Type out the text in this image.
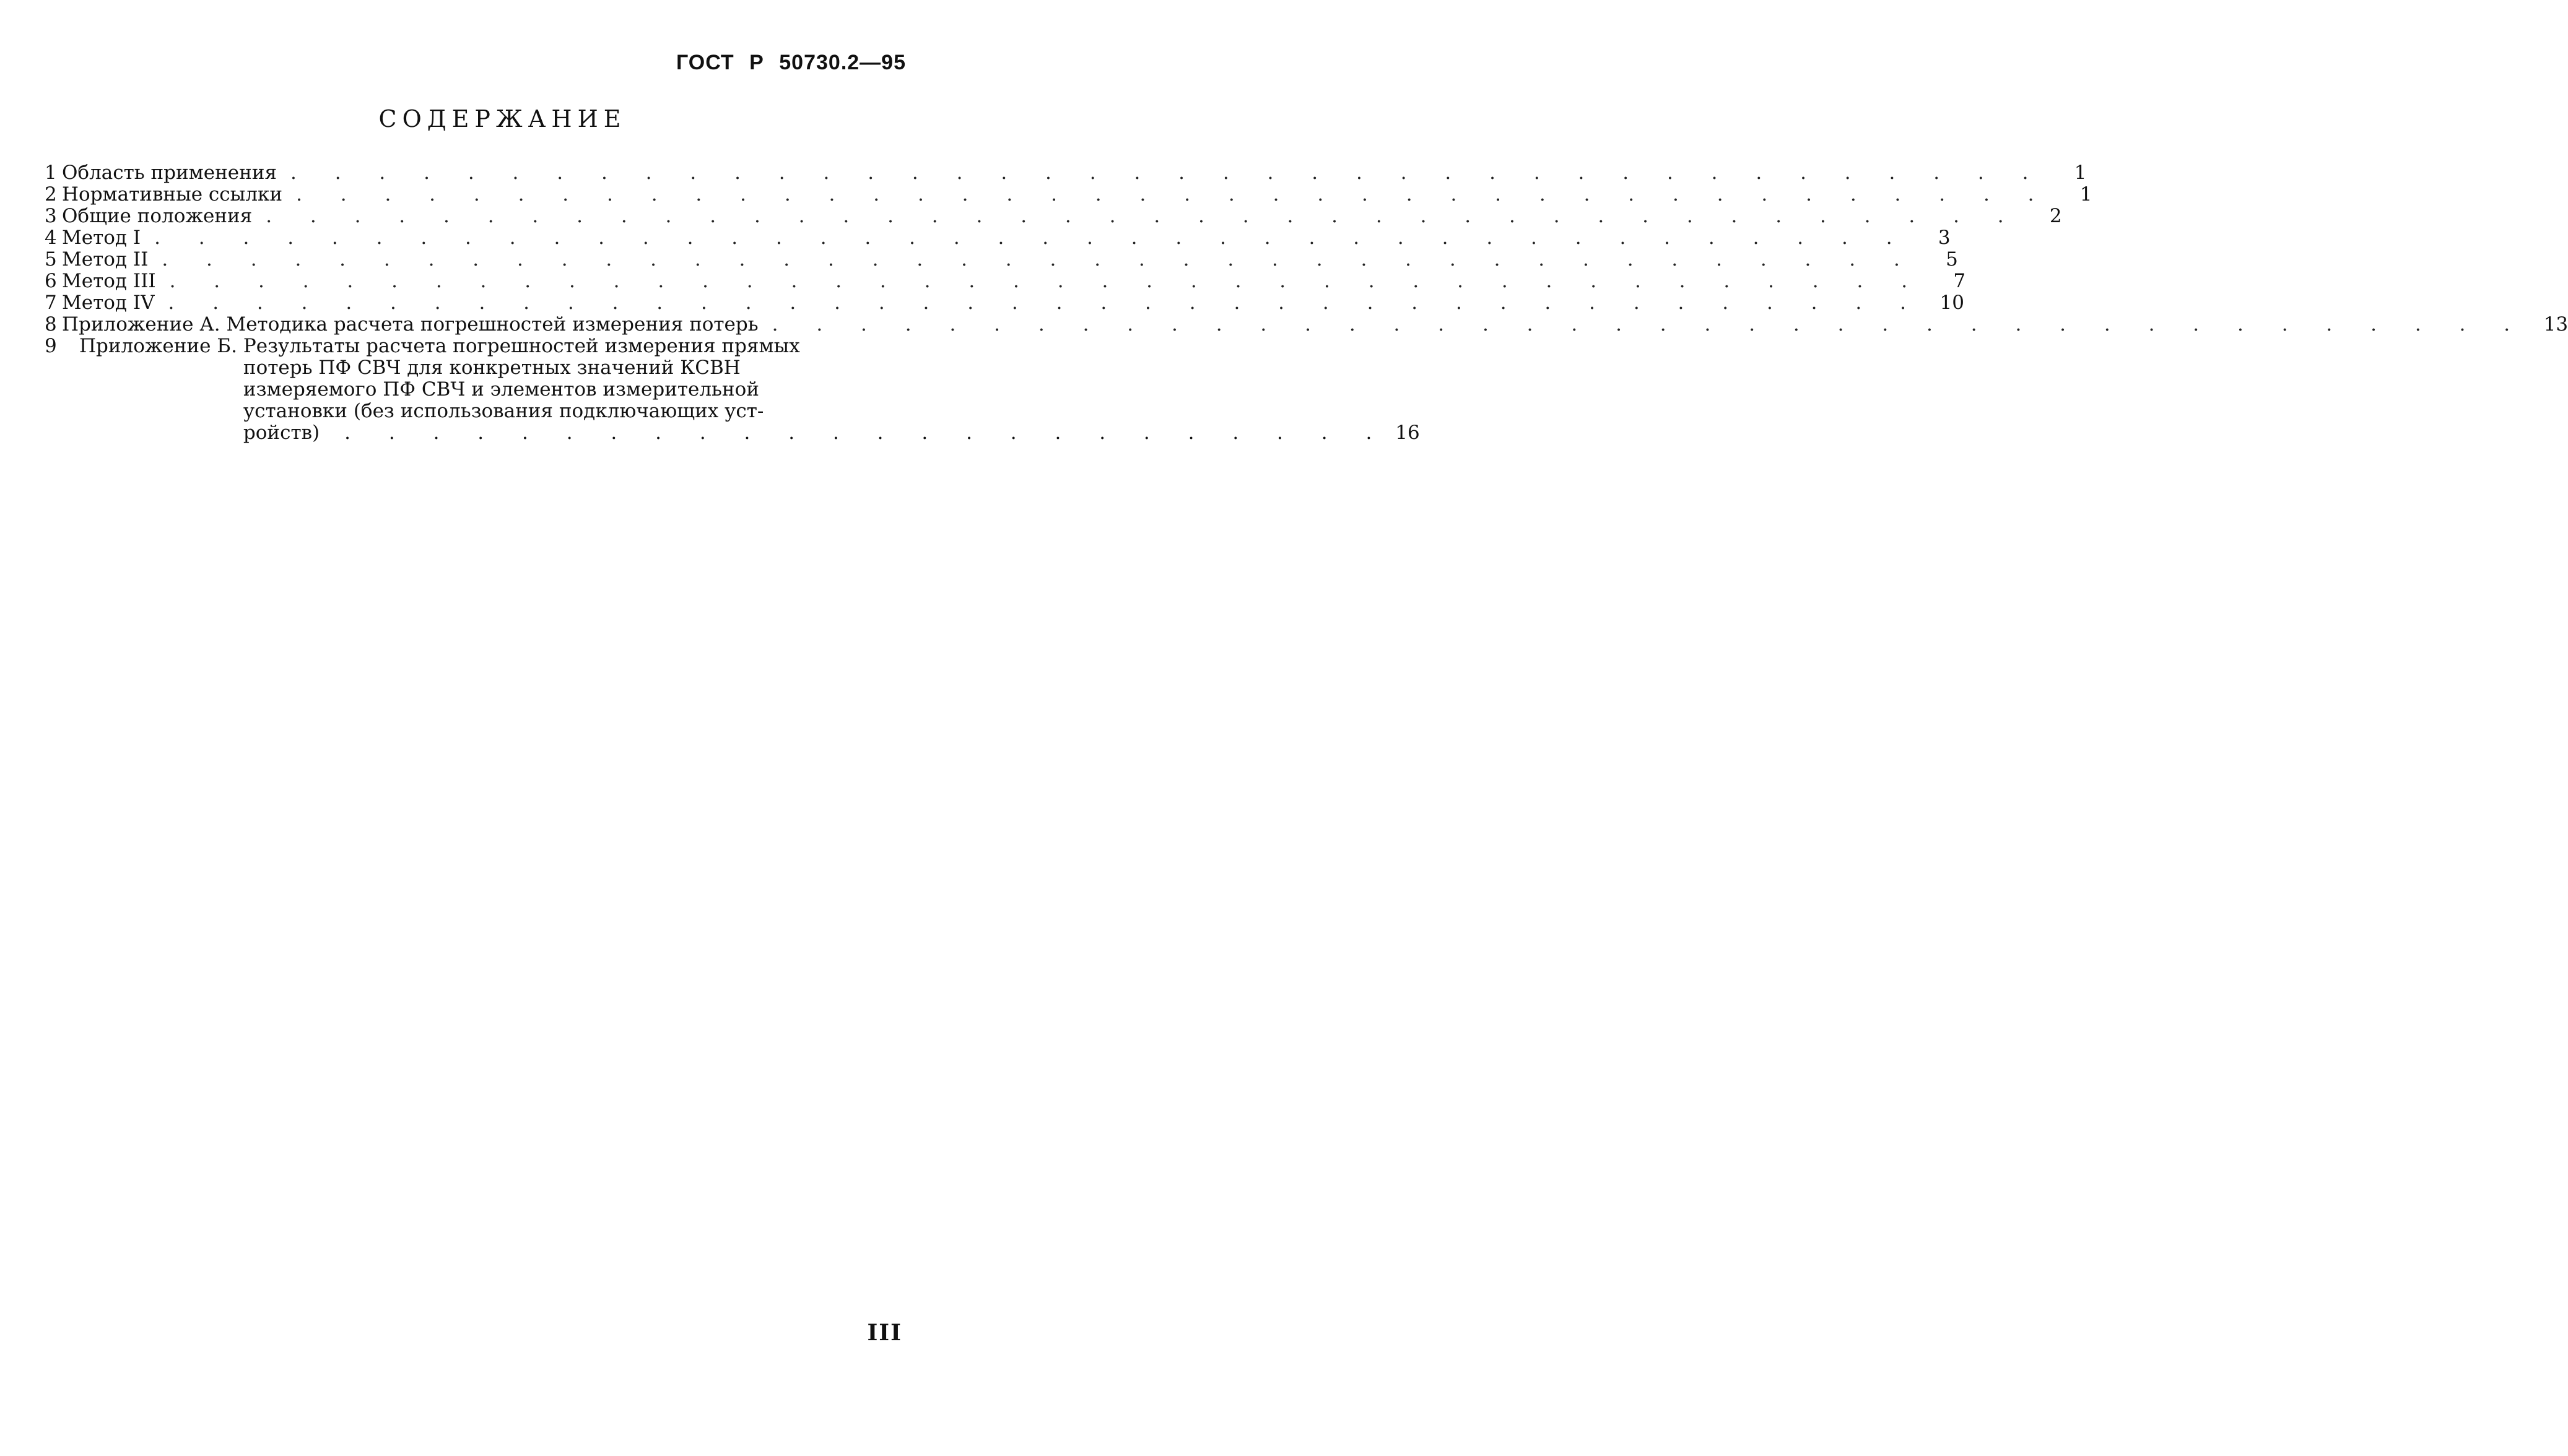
ГОСТ Р 50730.2—95
СОДЕРЖАНИЕ
1 Область применения . . . . . . . . . . . . . . . . . . . . . . . . . . . . . . . . . . . . . . . .	1
2 Нормативные ссылки . . . . . . . . . . . . . . . . . . . . . . . . . . . . . . . . . . . . . . . .	1
3 Общие положения . . . . . . . . . . . . . . . . . . . . . . . . . . . . . . . . . . . . . . . .	2
4 Метод I . . . . . . . . . . . . . . . . . . . . . . . . . . . . . . . . . . . . . . . .	3
5 Метод II . . . . . . . . . . . . . . . . . . . . . . . . . . . . . . . . . . . . . . . .	5
6 Метод III . . . . . . . . . . . . . . . . . . . . . . . . . . . . . . . . . . . . . . . .	7
7 Метод IV . . . . . . . . . . . . . . . . . . . . . . . . . . . . . . . . . . . . . . . . 10
8 Приложение А. Методика расчета погрешностей измерения потерь . . . . . . . . . . . . . . . . . . . . . . . . . . . . . . . . . . . . . . . . 13
9 Приложение Б. Результаты расчета погрешностей измерения прямых
потерь ПФ СВЧ для конкретных значений КСВН
измеряемого ПФ СВЧ и элементов измерительной
установки (без использования подключающих уст-
ройств) . . . . . . . . . . . . . . . . . . . . . . . . 16
III
